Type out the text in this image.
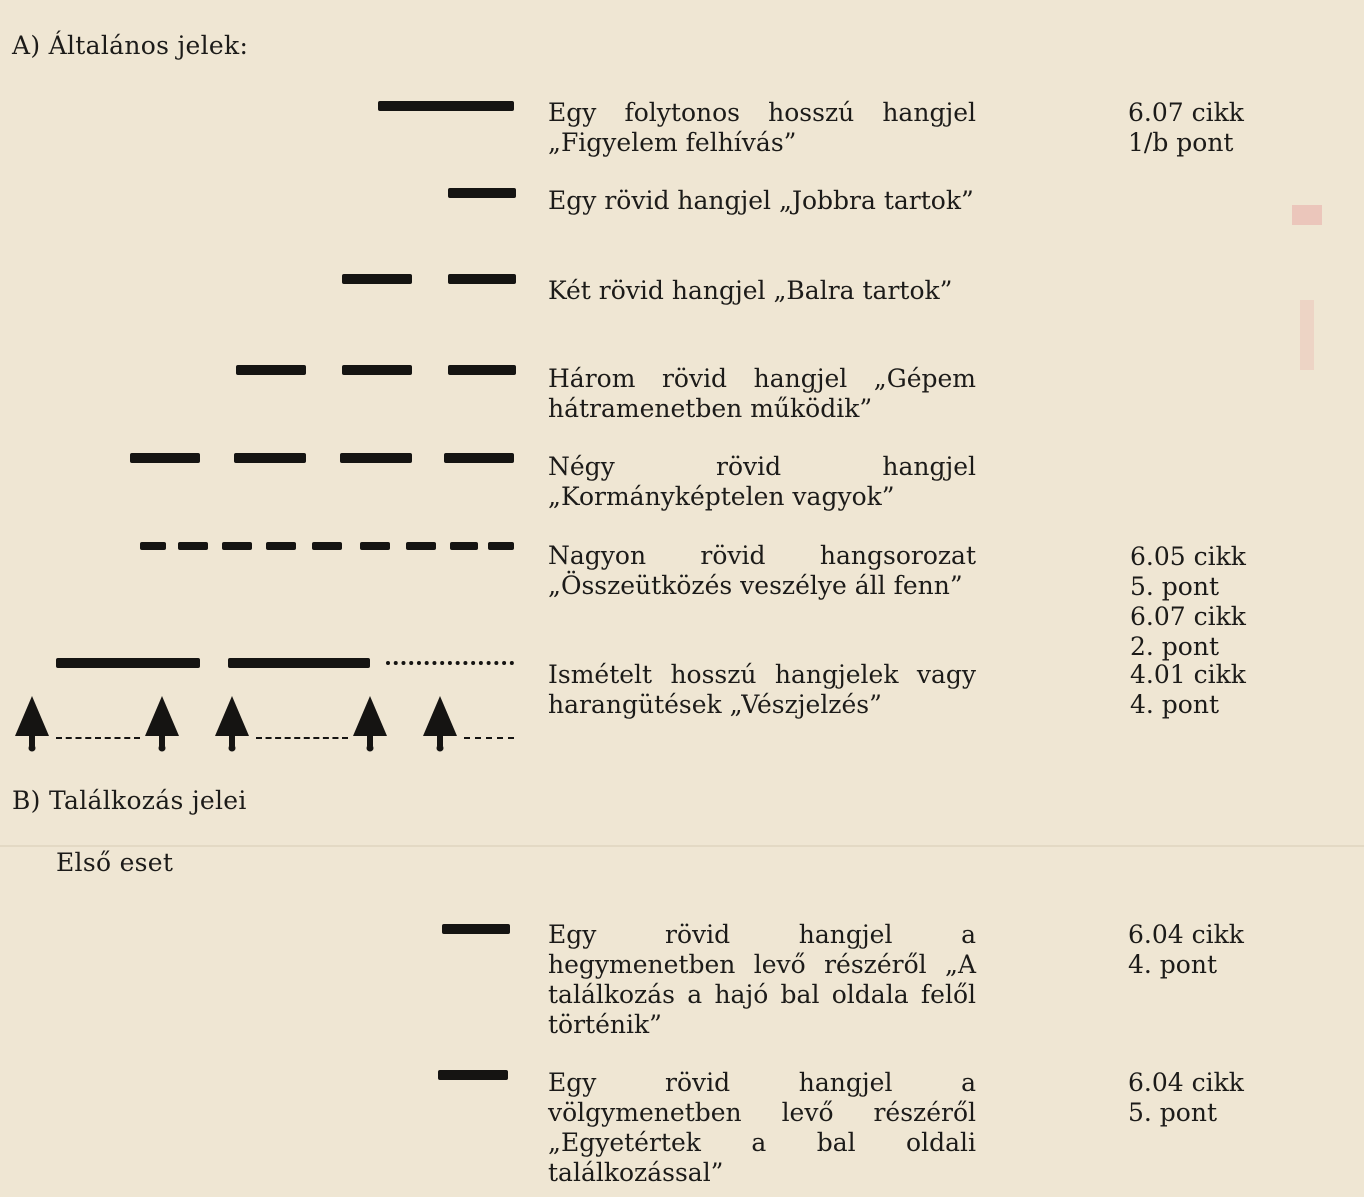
A) Általános jelek:
Egy folytonos hosszú hangjel „Figyelem felhívás”
6.07 cikk
1/b pont
Egy rövid hangjel „Jobbra tartok”
Két rövid hangjel „Balra tartok”
Három rövid hangjel „Gépem hátramenetben működik”
Négy rövid hangjel „Kormányképtelen vagyok”
Nagyon rövid hangsorozat „Összeütközés veszélye áll fenn”
6.05 cikk
5. pont
6.07 cikk
2. pont
Ismételt hosszú hangjelek vagy harangütések „Vészjelzés”
4.01 cikk
4. pont
B) Találkozás jelei
Első eset
Egy rövid hangjel a hegymenetben levő részéről „A találkozás a hajó bal oldala felől történik”
6.04 cikk
4. pont
Egy rövid hangjel a völgymenetben levő részéről „Egyetértek a bal oldali találkozással”
6.04 cikk
5. pont
